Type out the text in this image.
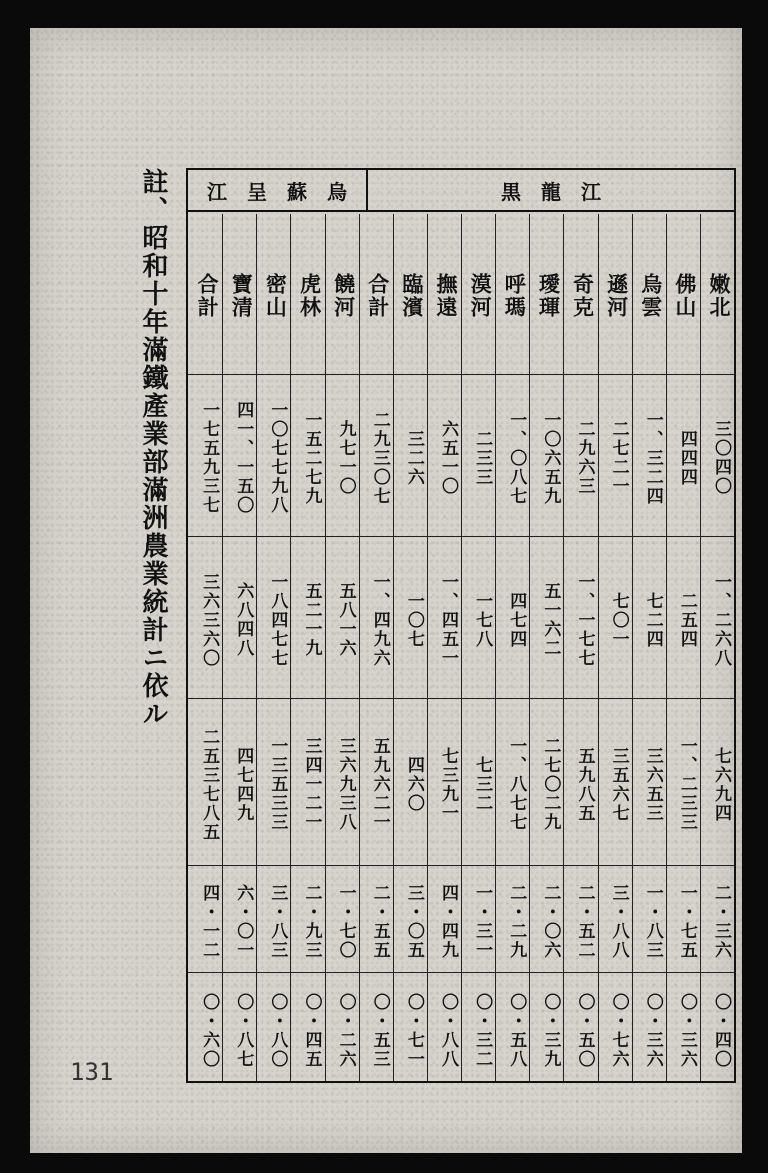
註、昭和十年滿鐵產業部滿洲農業統計ニ依ル
131
黒　龍　江
江　呈　蘇　烏
嫩北
三〇四〇
一、二六八
七六九四
二・三六
〇・四〇
佛山
四四四
二五四
一、二三三
一・七五
〇・三六
烏雲
一、三二四
七二四
三六五三
一・八三
〇・三六
遜河
二七二一
七〇一
三五六七
三・八八
〇・七六
奇克
二九六三
一、一七七
五九八五
二・五二
〇・五〇
璦琿
一〇六五九
五一六二
二七〇二九
二・〇六
〇・三九
呼瑪
一、〇八七
四七四
一、八七七
二・二九
〇・五八
漠河
二三三
一七八
七三二
一・三一
〇・三二
撫遠
六五一〇
一、四五一
七三九一
四・四九
〇・八八
臨濱
三二六
一〇七
四六〇
三・〇五
〇・七一
合計
二九三〇七
一、四九六
五九六二一
二・五五
〇・五三
饒河
九七一〇
五八一六
三六九三八
一・七〇
〇・二六
虎林
一五二七九
五二一九
三四一二一
二・九三
〇・四五
密山
一〇七七九八
一八四七七
一三五三三
三・八三
〇・八〇
寶清
四一、一五〇
六八四八
四七四九
六・〇一
〇・八七
合計
一七五九三七
三六三六〇
二五三七八五
四・一二
〇・六〇
